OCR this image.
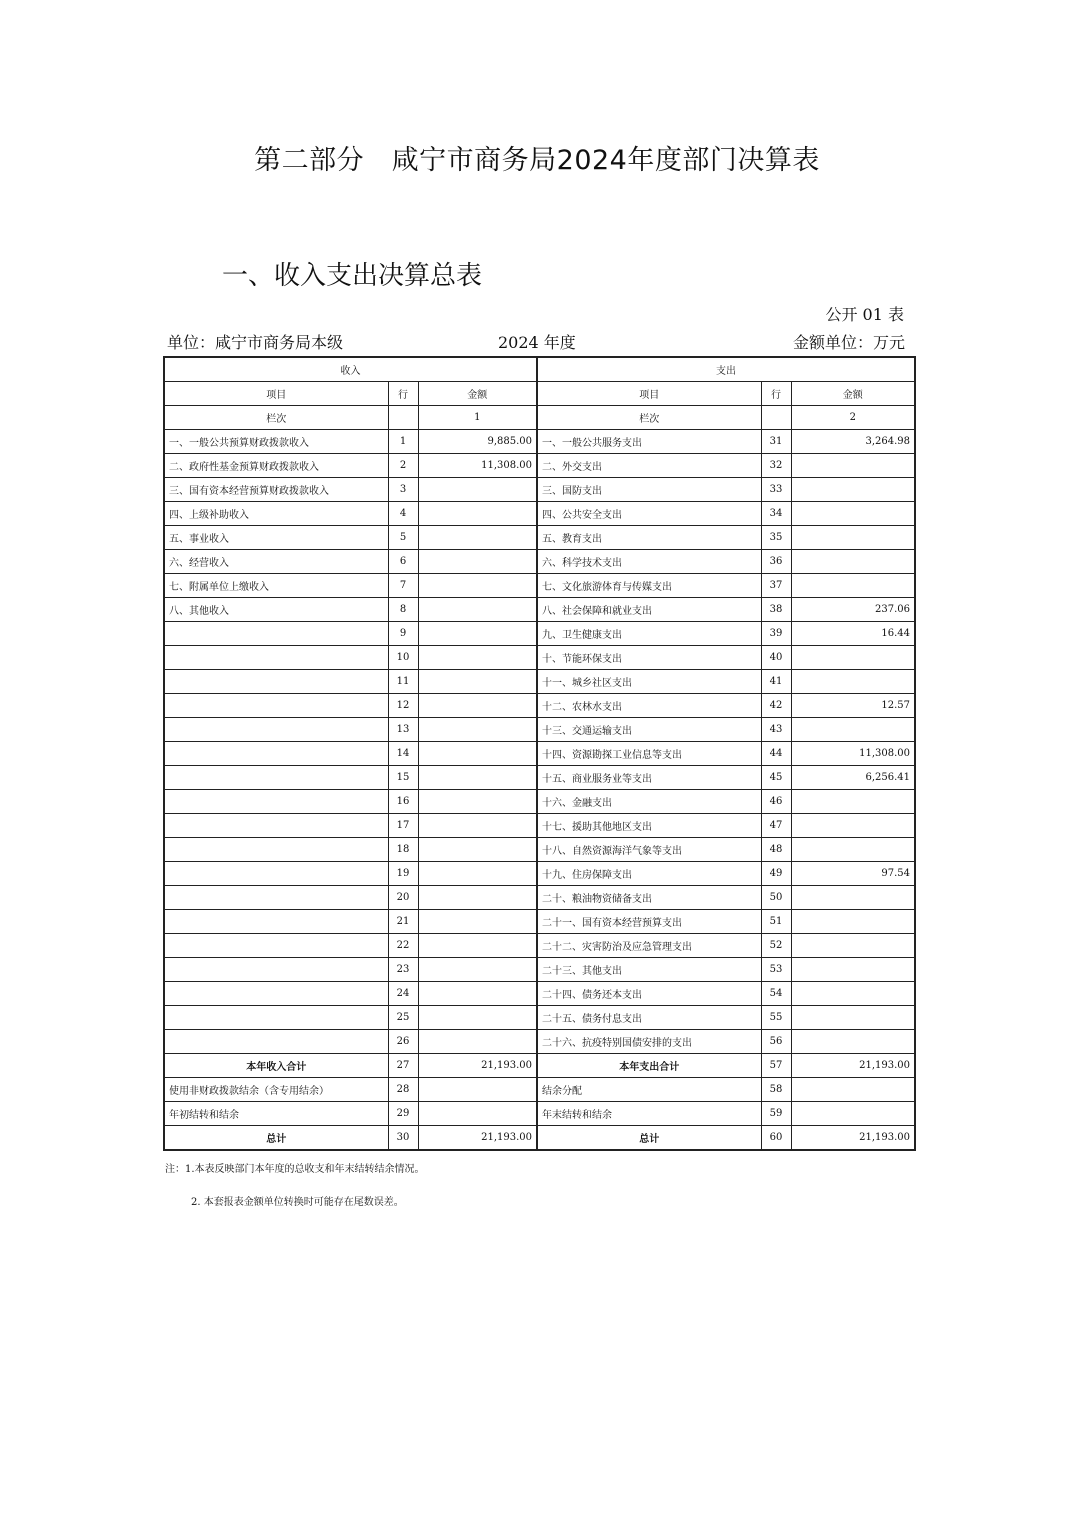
第二部分　咸宁市商务局2024年度部门决算表
一、收入支出决算总表
公开 01 表
单位：咸宁市商务局本级	2024 年度	金额单位：万元
收入			支出		
项目	行	金额	项目	行	金额
栏次		1	栏次		2
一、一般公共预算财政拨款收入	1	9,885.00	一、一般公共服务支出	31	3,264.98
二、政府性基金预算财政拨款收入	2	11,308.00	二、外交支出	32	
三、国有资本经营预算财政拨款收入	3		三、国防支出	33	
四、上级补助收入	4		四、公共安全支出	34	
五、事业收入	5		五、教育支出	35	
六、经营收入	6		六、科学技术支出	36	
七、附属单位上缴收入	7		七、文化旅游体育与传媒支出	37	
八、其他收入	8		八、社会保障和就业支出	38	237.06
	9		九、卫生健康支出	39	16.44
	10		十、节能环保支出	40	
	11		十一、城乡社区支出	41	
	12		十二、农林水支出	42	12.57
	13		十三、交通运输支出	43	
	14		十四、资源勘探工业信息等支出	44	11,308.00
	15		十五、商业服务业等支出	45	6,256.41
	16		十六、金融支出	46	
	17		十七、援助其他地区支出	47	
	18		十八、自然资源海洋气象等支出	48	
	19		十九、住房保障支出	49	97.54
	20		二十、粮油物资储备支出	50	
	21		二十一、国有资本经营预算支出	51	
	22		二十二、灾害防治及应急管理支出	52	
	23		二十三、其他支出	53	
	24		二十四、债务还本支出	54	
	25		二十五、债务付息支出	55	
	26		二十六、抗疫特别国债安排的支出	56	
本年收入合计	27	21,193.00	本年支出合计	57	21,193.00
使用非财政拨款结余（含专用结余）	28		结余分配	58	
年初结转和结余	29		年末结转和结余	59	
总计	30	21,193.00	总计	60	21,193.00
注：1.本表反映部门本年度的总收支和年末结转结余情况。
2. 本套报表金额单位转换时可能存在尾数误差。
